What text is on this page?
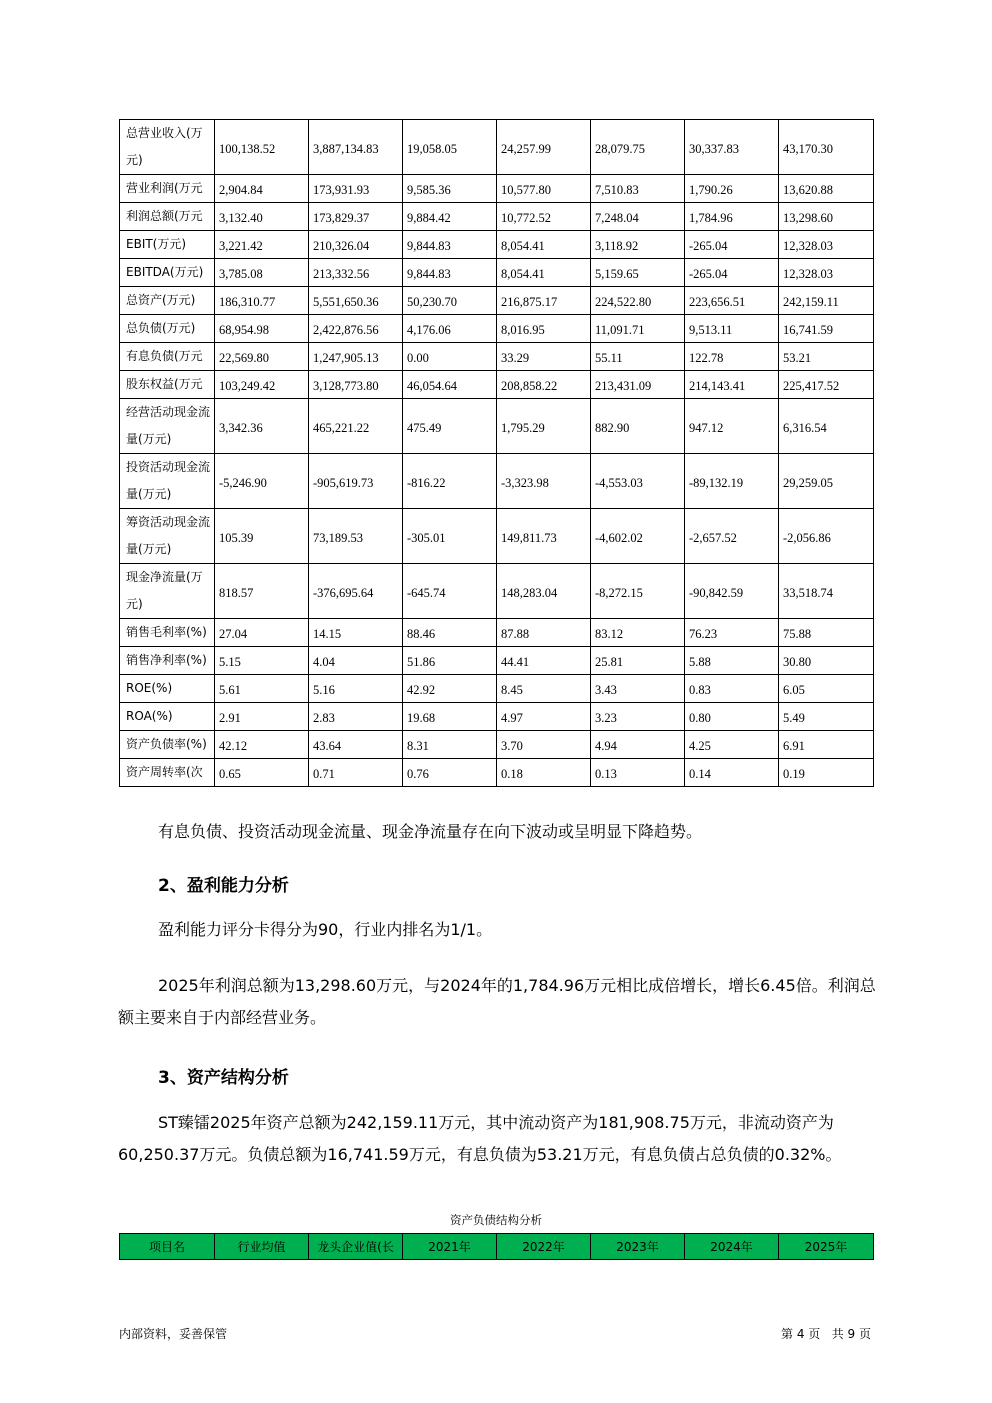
总营业收入(万元)	100,138.52	3,887,134.83	19,058.05	24,257.99	28,079.75	30,337.83	43,170.30
营业利润(万元	2,904.84	173,931.93	9,585.36	10,577.80	7,510.83	1,790.26	13,620.88
利润总额(万元	3,132.40	173,829.37	9,884.42	10,772.52	7,248.04	1,784.96	13,298.60
EBIT(万元)	3,221.42	210,326.04	9,844.83	8,054.41	3,118.92	-265.04	12,328.03
EBITDA(万元)	3,785.08	213,332.56	9,844.83	8,054.41	5,159.65	-265.04	12,328.03
总资产(万元)	186,310.77	5,551,650.36	50,230.70	216,875.17	224,522.80	223,656.51	242,159.11
总负债(万元)	68,954.98	2,422,876.56	4,176.06	8,016.95	11,091.71	9,513.11	16,741.59
有息负债(万元	22,569.80	1,247,905.13	0.00	33.29	55.11	122.78	53.21
股东权益(万元	103,249.42	3,128,773.80	46,054.64	208,858.22	213,431.09	214,143.41	225,417.52
经营活动现金流量(万元)	3,342.36	465,221.22	475.49	1,795.29	882.90	947.12	6,316.54
投资活动现金流量(万元)	-5,246.90	-905,619.73	-816.22	-3,323.98	-4,553.03	-89,132.19	29,259.05
筹资活动现金流量(万元)	105.39	73,189.53	-305.01	149,811.73	-4,602.02	-2,657.52	-2,056.86
现金净流量(万元)	818.57	-376,695.64	-645.74	148,283.04	-8,272.15	-90,842.59	33,518.74
销售毛利率(%)	27.04	14.15	88.46	87.88	83.12	76.23	75.88
销售净利率(%)	5.15	4.04	51.86	44.41	25.81	5.88	30.80
ROE(%)	5.61	5.16	42.92	8.45	3.43	0.83	6.05
ROA(%)	2.91	2.83	19.68	4.97	3.23	0.80	5.49
资产负债率(%)	42.12	43.64	8.31	3.70	4.94	4.25	6.91
资产周转率(次	0.65	0.71	0.76	0.18	0.13	0.14	0.19
有息负债、投资活动现金流量、现金净流量存在向下波动或呈明显下降趋势。
2、盈利能力分析
盈利能力评分卡得分为90，行业内排名为1/1。
2025年利润总额为13,298.60万元，与2024年的1,784.96万元相比成倍增长，增长6.45倍。利润总额主要来自于内部经营业务。
3、资产结构分析
ST臻镭2025年资产总额为242,159.11万元，其中流动资产为181,908.75万元，非流动资产为60,250.37万元。负债总额为16,741.59万元，有息负债为53.21万元，有息负债占总负债的0.32%。
资产负债结构分析
项目名	行业均值	龙头企业值(长	2021年	2022年	2023年	2024年	2025年
内部资料，妥善保管	第 4 页   共 9 页
